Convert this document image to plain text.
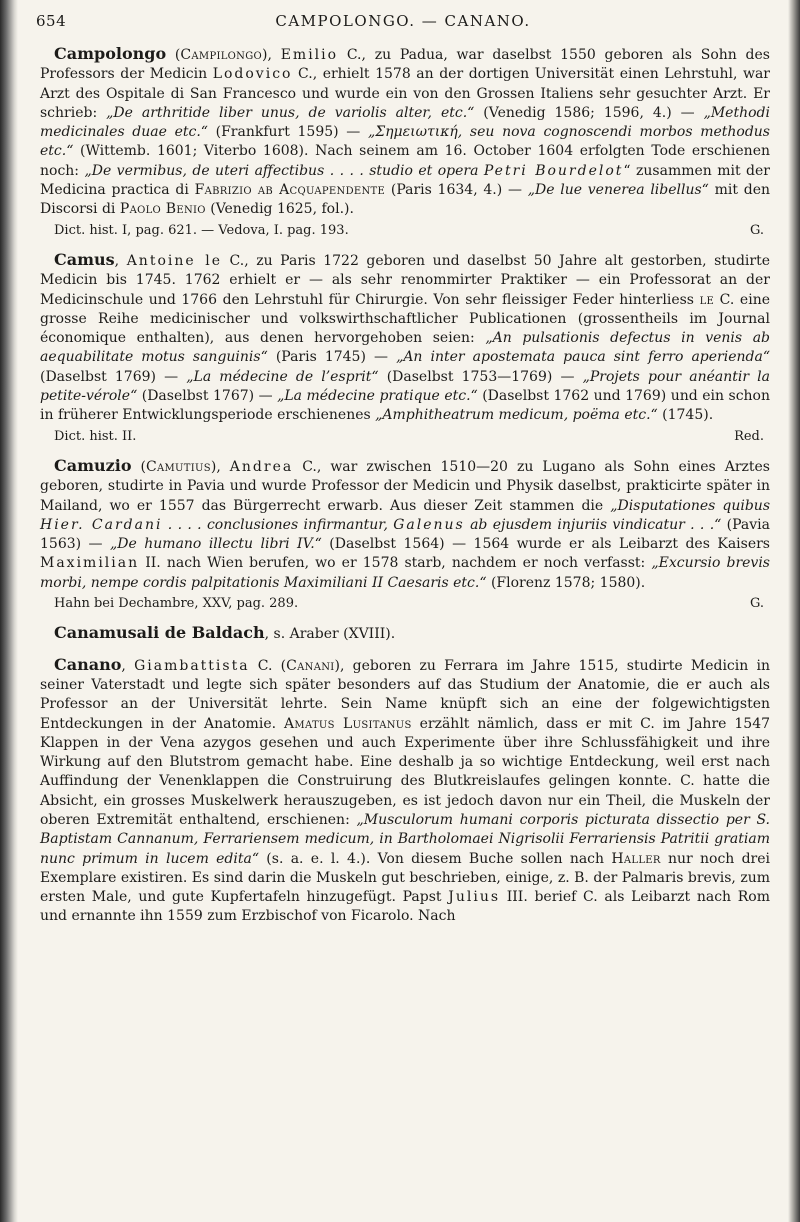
654	CAMPOLONGO. — CANANO.

Campolongo (Campilongo), Emilio C., zu Padua, war daselbst 1550 geboren als Sohn des Professors der Medicin Lodovico C., erhielt 1578 an der dortigen Universität einen Lehrstuhl, war Arzt des Ospitale di San Francesco und wurde ein von den Grossen Italiens sehr gesuchter Arzt. Er schrieb: „De arthritide liber unus, de variolis alter, etc.“ (Venedig 1586; 1596, 4.) — „Methodi medicinales duae etc.“ (Frankfurt 1595) — „Σημειωτική, seu nova cognoscendi morbos methodus etc.“ (Wittemb. 1601; Viterbo 1608). Nach seinem am 16. October 1604 erfolgten Tode erschienen noch: „De vermibus, de uteri affectibus . . . . studio et opera Petri Bourdelot“ zusammen mit der Medicina practica di Fabrizio ab Acquapendente (Paris 1634, 4.) — „De lue venerea libellus“ mit den Discorsi di Paolo Benio (Venedig 1625, fol.).

Dict. hist. I, pag. 621. — Vedova, I. pag. 193.	G.

Camus, Antoine le C., zu Paris 1722 geboren und daselbst 50 Jahre alt gestorben, studirte Medicin bis 1745. 1762 erhielt er — als sehr renommirter Praktiker — ein Professorat an der Medicinschule und 1766 den Lehrstuhl für Chirurgie. Von sehr fleissiger Feder hinterliess le C. eine grosse Reihe medicinischer und volkswirthschaftlicher Publicationen (grossentheils im Journal économique enthalten), aus denen hervorgehoben seien: „An pulsationis defectus in venis ab aequabilitate motus sanguinis“ (Paris 1745) — „An inter apostemata pauca sint ferro aperienda“ (Daselbst 1769) — „La médecine de l’esprit“ (Daselbst 1753—1769) — „Projets pour anéantir la petite-vérole“ (Daselbst 1767) — „La médecine pratique etc.“ (Daselbst 1762 und 1769) und ein schon in früherer Entwicklungsperiode erschienenes „Amphitheatrum medicum, poëma etc.“ (1745).

Dict. hist. II.	Red.

Camuzio (Camutius), Andrea C., war zwischen 1510—20 zu Lugano als Sohn eines Arztes geboren, studirte in Pavia und wurde Professor der Medicin und Physik daselbst, prakticirte später in Mailand, wo er 1557 das Bürgerrecht erwarb. Aus dieser Zeit stammen die „Disputationes quibus Hier. Cardani . . . . conclusiones infirmantur, Galenus ab ejusdem injuriis vindicatur . . .“ (Pavia 1563) — „De humano illectu libri IV.“ (Daselbst 1564) — 1564 wurde er als Leibarzt des Kaisers Maximilian II. nach Wien berufen, wo er 1578 starb, nachdem er noch verfasst: „Excursio brevis morbi, nempe cordis palpitationis Maximiliani II Caesaris etc.“ (Florenz 1578; 1580).

Hahn bei Dechambre, XXV, pag. 289.	G.

Canamusali de Baldach, s. Araber (XVIII).

Canano, Giambattista C. (Canani), geboren zu Ferrara im Jahre 1515, studirte Medicin in seiner Vaterstadt und legte sich später besonders auf das Studium der Anatomie, die er auch als Professor an der Universität lehrte. Sein Name knüpft sich an eine der folgewichtigsten Entdeckungen in der Anatomie. Amatus Lusitanus erzählt nämlich, dass er mit C. im Jahre 1547 Klappen in der Vena azygos gesehen und auch Experimente über ihre Schlussfähigkeit und ihre Wirkung auf den Blutstrom gemacht habe. Eine deshalb ja so wichtige Entdeckung, weil erst nach Auffindung der Venenklappen die Construirung des Blutkreislaufes gelingen konnte. C. hatte die Absicht, ein grosses Muskelwerk herauszugeben, es ist jedoch davon nur ein Theil, die Muskeln der oberen Extremität enthaltend, erschienen: „Musculorum humani corporis picturata dissectio per S. Baptistam Cannanum, Ferrariensem medicum, in Bartholomaei Nigrisolii Ferrariensis Patritii gratiam nunc primum in lucem edita“ (s. a. e. l. 4.). Von diesem Buche sollen nach Haller nur noch drei Exemplare existiren. Es sind darin die Muskeln gut beschrieben, einige, z. B. der Palmaris brevis, zum ersten Male, und gute Kupfertafeln hinzugefügt. Papst Julius III. berief C. als Leibarzt nach Rom und ernannte ihn 1559 zum Erzbischof von Ficarolo. Nach
